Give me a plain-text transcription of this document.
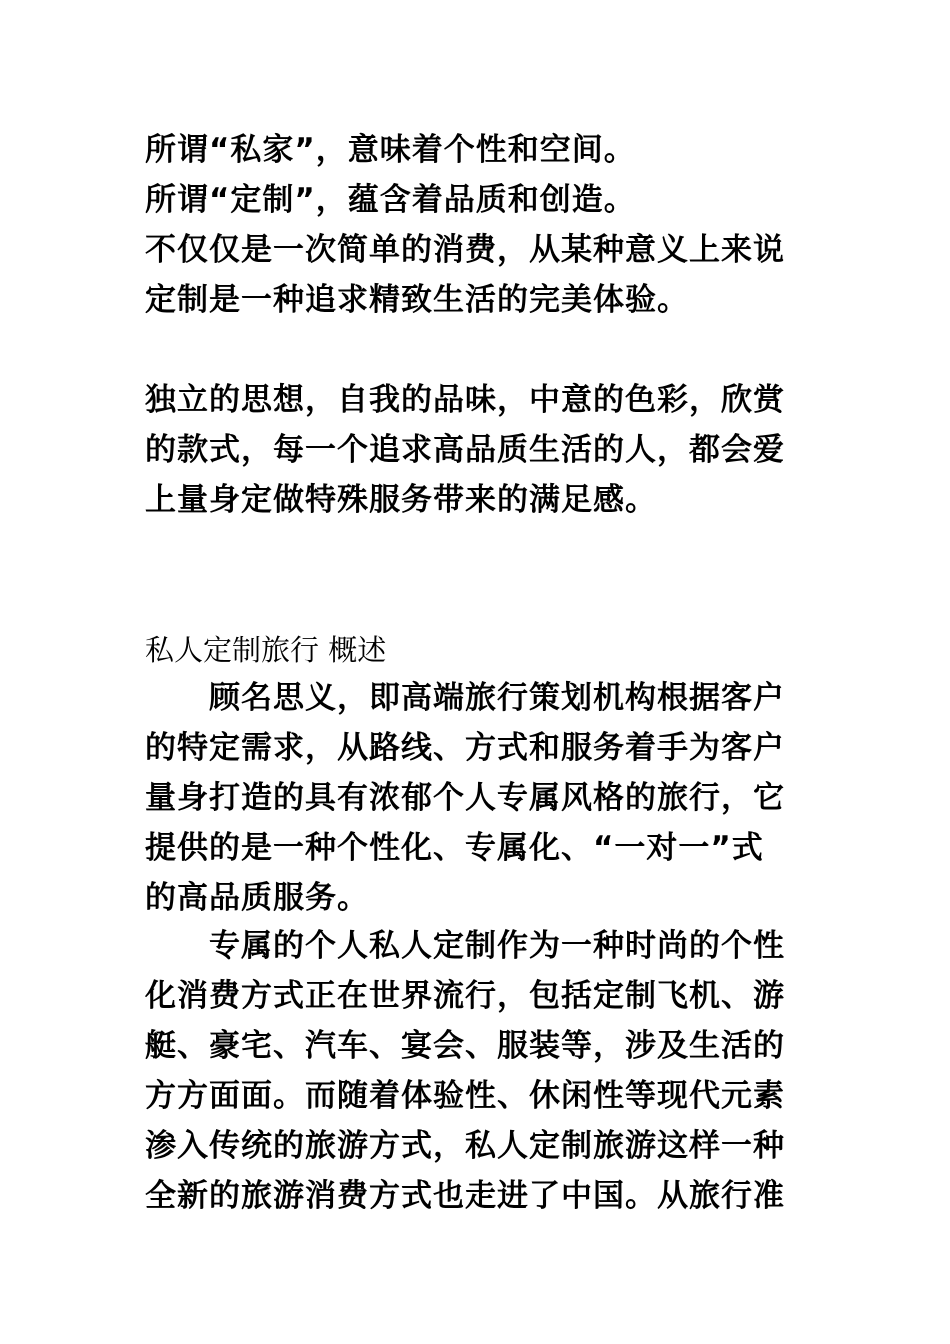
所谓“私家”，意味着个性和空间。
所谓“定制”，蕴含着品质和创造。
不仅仅是一次简单的消费，从某种意义上来说
定制是一种追求精致生活的完美体验。
独立的思想，自我的品味，中意的色彩，欣赏
的款式，每一个追求高品质生活的人，都会爱
上量身定做特殊服务带来的满足感。
私人定制旅行 概述
顾名思义，即高端旅行策划机构根据客户
的特定需求，从路线、方式和服务着手为客户
量身打造的具有浓郁个人专属风格的旅行，它
提供的是一种个性化、专属化、“一对一”式
的高品质服务。
专属的个人私人定制作为一种时尚的个性
化消费方式正在世界流行，包括定制飞机、游
艇、豪宅、汽车、宴会、服装等，涉及生活的
方方面面。而随着体验性、休闲性等现代元素
渗入传统的旅游方式，私人定制旅游这样一种
全新的旅游消费方式也走进了中国。从旅行准
